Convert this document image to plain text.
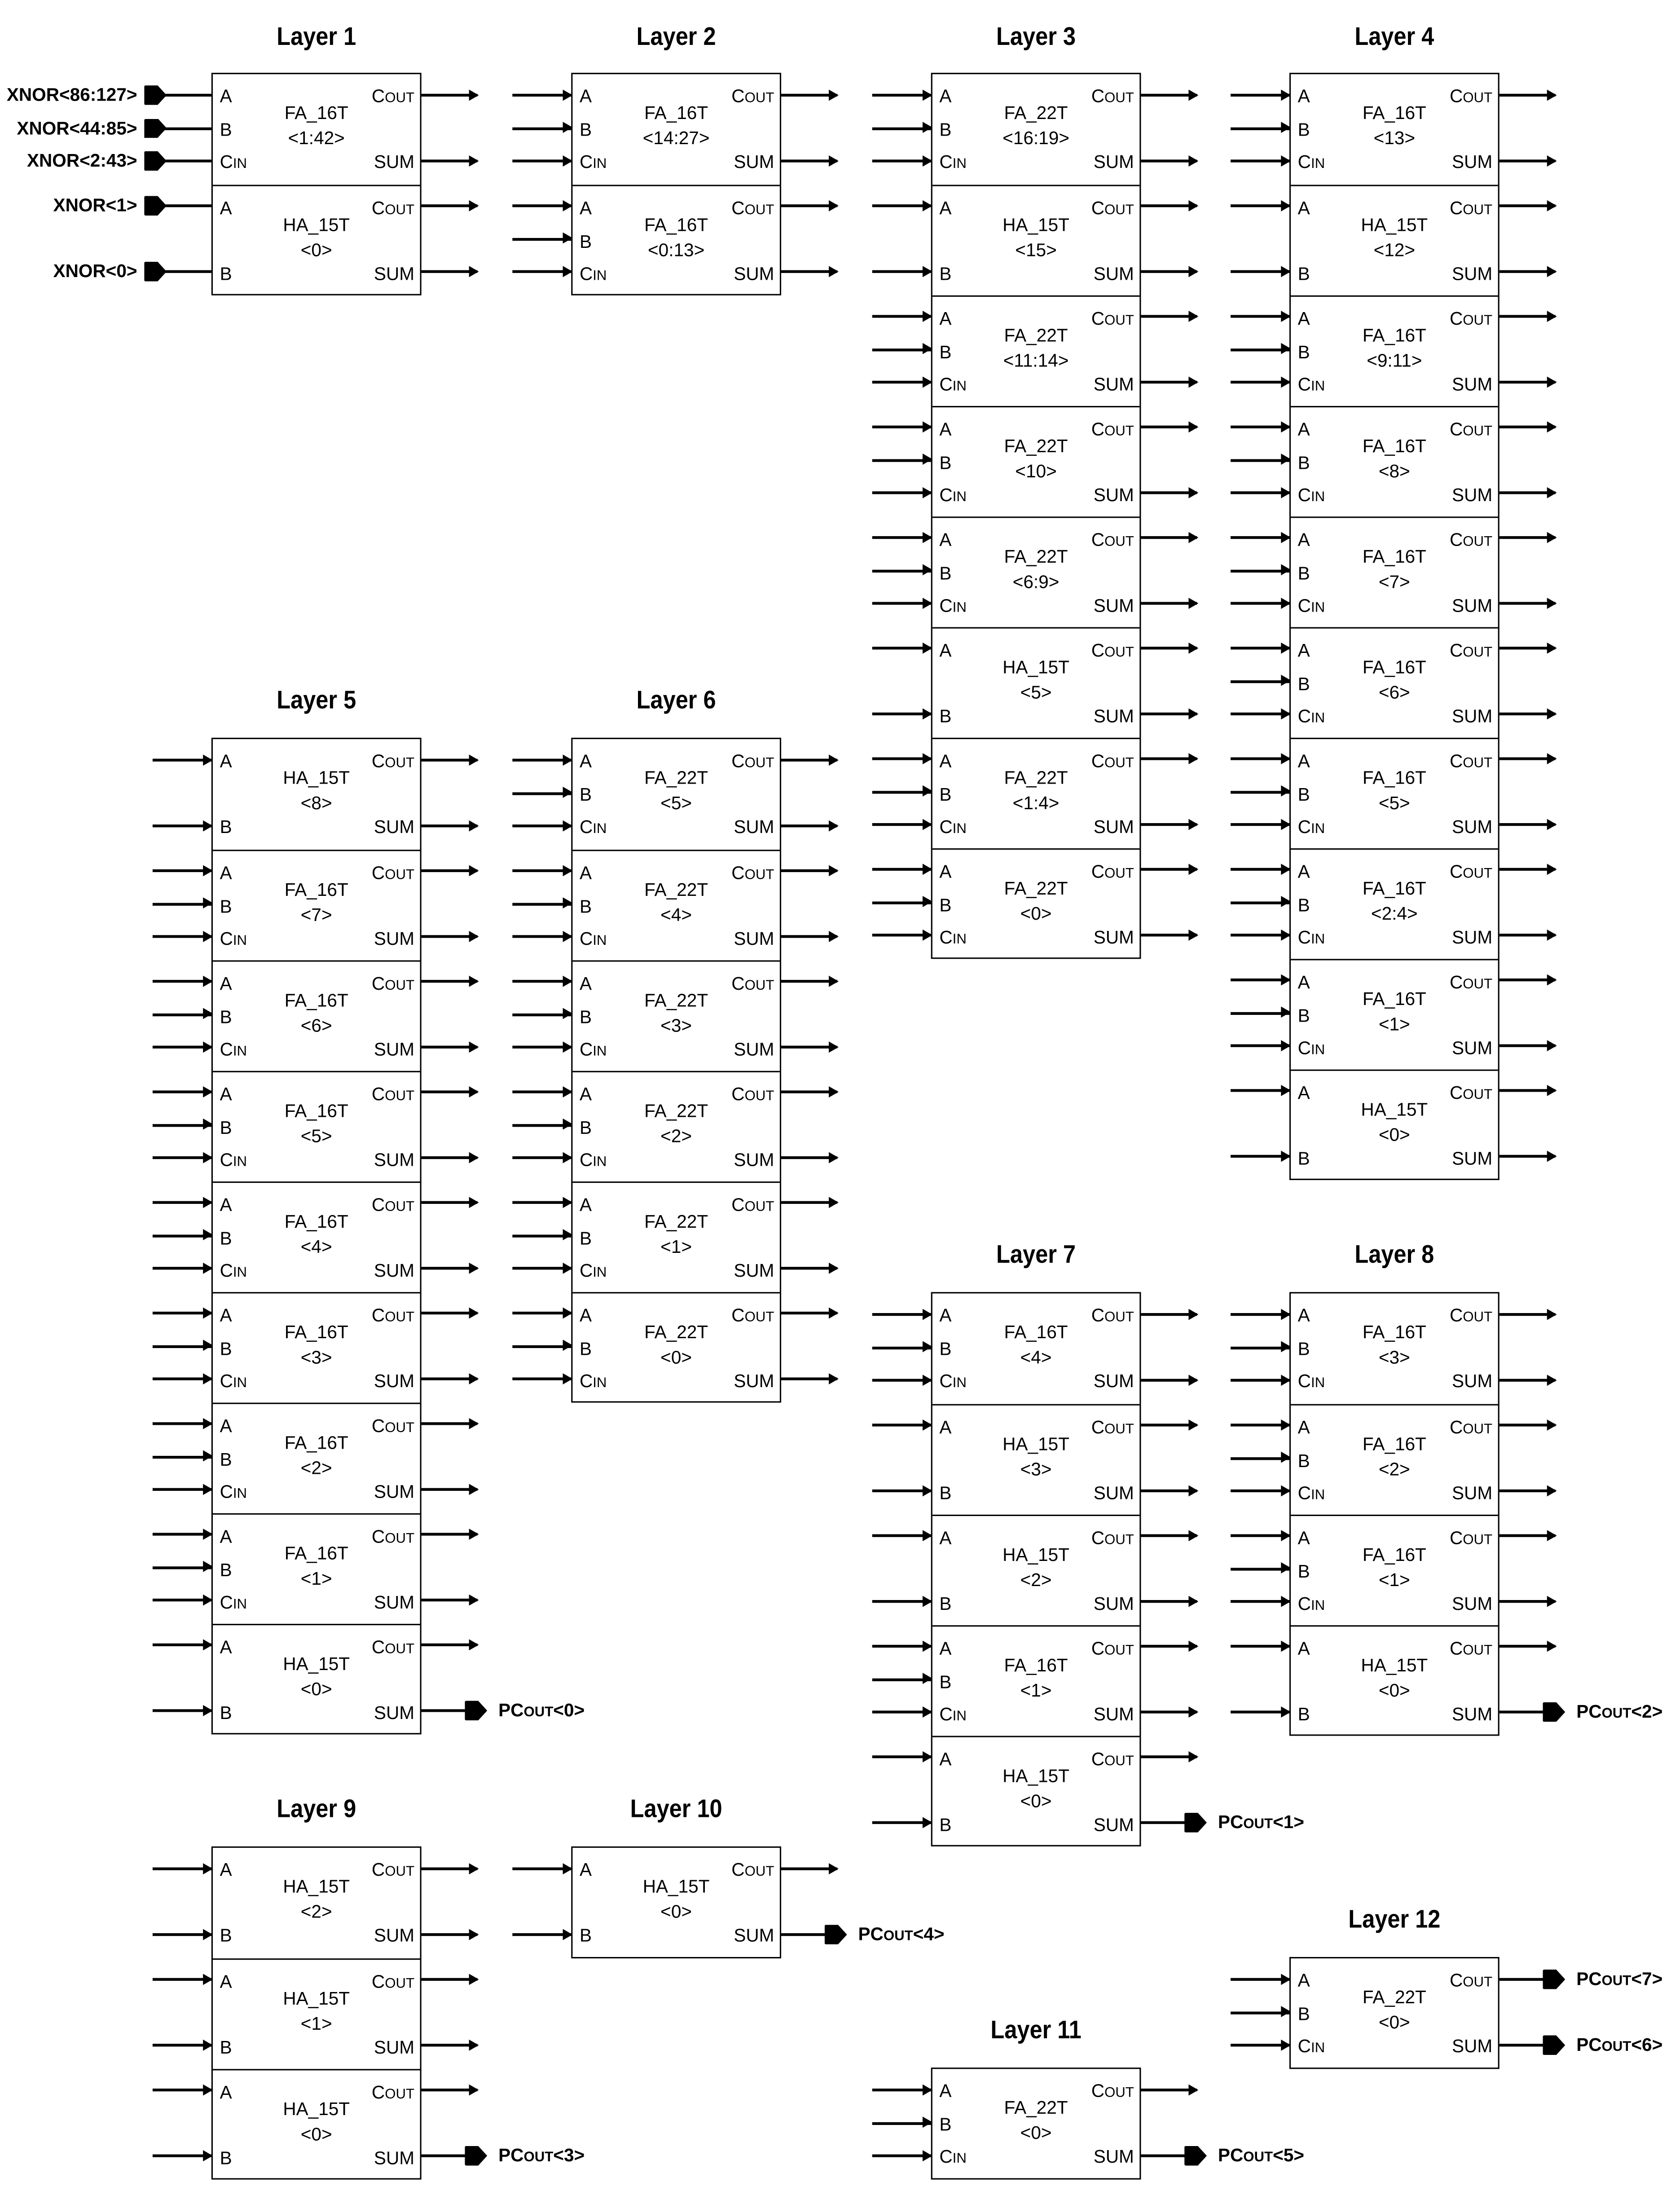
Layer 1
FA_16T
<1:42>
A
B
CIN
COUT
SUM
HA_15T
<0>
A
B
COUT
SUM
XNOR<86:127>
XNOR<44:85>
XNOR<2:43>
XNOR<1>
XNOR<0>
Layer 2
FA_16T
<14:27>
A
B
CIN
COUT
SUM
FA_16T
<0:13>
A
B
CIN
COUT
SUM
Layer 3
FA_22T
<16:19>
A
B
CIN
COUT
SUM
HA_15T
<15>
A
B
COUT
SUM
FA_22T
<11:14>
A
B
CIN
COUT
SUM
FA_22T
<10>
A
B
CIN
COUT
SUM
FA_22T
<6:9>
A
B
CIN
COUT
SUM
HA_15T
<5>
A
B
COUT
SUM
FA_22T
<1:4>
A
B
CIN
COUT
SUM
FA_22T
<0>
A
B
CIN
COUT
SUM
Layer 4
FA_16T
<13>
A
B
CIN
COUT
SUM
HA_15T
<12>
A
B
COUT
SUM
FA_16T
<9:11>
A
B
CIN
COUT
SUM
FA_16T
<8>
A
B
CIN
COUT
SUM
FA_16T
<7>
A
B
CIN
COUT
SUM
FA_16T
<6>
A
B
CIN
COUT
SUM
FA_16T
<5>
A
B
CIN
COUT
SUM
FA_16T
<2:4>
A
B
CIN
COUT
SUM
FA_16T
<1>
A
B
CIN
COUT
SUM
HA_15T
<0>
A
B
COUT
SUM
Layer 5
HA_15T
<8>
A
B
COUT
SUM
FA_16T
<7>
A
B
CIN
COUT
SUM
FA_16T
<6>
A
B
CIN
COUT
SUM
FA_16T
<5>
A
B
CIN
COUT
SUM
FA_16T
<4>
A
B
CIN
COUT
SUM
FA_16T
<3>
A
B
CIN
COUT
SUM
FA_16T
<2>
A
B
CIN
COUT
SUM
FA_16T
<1>
A
B
CIN
COUT
SUM
HA_15T
<0>
A
B
COUT
SUM	PCOUT<0>
Layer 6
FA_22T
<5>
A
B
CIN
COUT
SUM
FA_22T
<4>
A
B
CIN
COUT
SUM
FA_22T
<3>
A
B
CIN
COUT
SUM
FA_22T
<2>
A
B
CIN
COUT
SUM
FA_22T
<1>
A
B
CIN
COUT
SUM
FA_22T
<0>
A
B
CIN
COUT
SUM
Layer 7
FA_16T
<4>
A
B
CIN
COUT
SUM
HA_15T
<3>
A
B
COUT
SUM
HA_15T
<2>
A
B
COUT
SUM
FA_16T
<1>
A
B
CIN
COUT
SUM
HA_15T
<0>
A
B
COUT
SUM	PCOUT<1>
Layer 8
FA_16T
<3>
A
B
CIN
COUT
SUM
FA_16T
<2>
A
B
CIN
COUT
SUM
FA_16T
<1>
A
B
CIN
COUT
SUM
HA_15T
<0>
A
B
COUT
SUM	PCOUT<2>
Layer 9
HA_15T
<2>
A
B
COUT
SUM
HA_15T
<1>
A
B
COUT
SUM
HA_15T
<0>
A
B
COUT
SUM	PCOUT<3>
Layer 10
HA_15T
<0>
A
B
COUT
SUM	PCOUT<4>
Layer 11
FA_22T
<0>
A
B
CIN
COUT
SUM	PCOUT<5>
Layer 12
FA_22T
<0>
A
B
CIN
COUT
SUM
PCOUT<7>
PCOUT<6>
